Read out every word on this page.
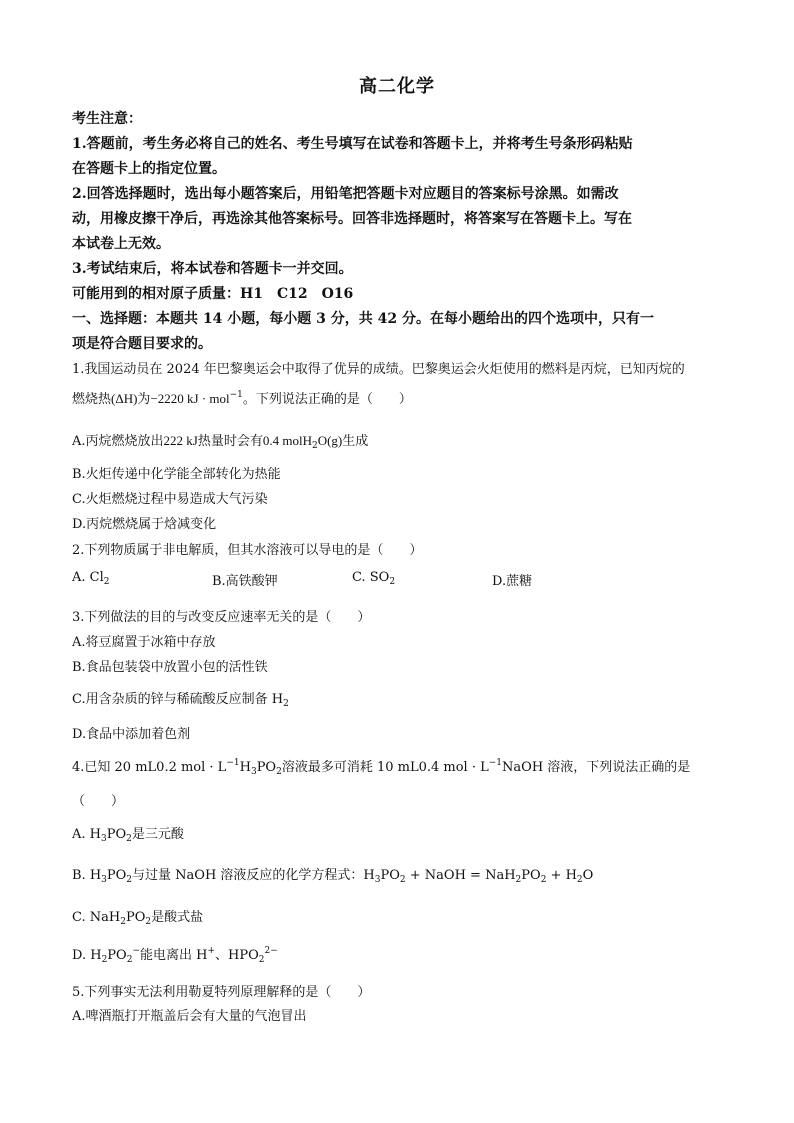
高二化学
考生注意：
1.答题前，考生务必将自己的姓名、考生号填写在试卷和答题卡上，并将考生号条形码粘贴
在答题卡上的指定位置。
2.回答选择题时，选出每小题答案后，用铅笔把答题卡对应题目的答案标号涂黑。如需改
动，用橡皮擦干净后，再选涂其他答案标号。回答非选择题时，将答案写在答题卡上。写在
本试卷上无效。
3.考试结束后，将本试卷和答题卡一并交回。
可能用到的相对原子质量：H1　C12　O16
一、选择题：本题共 14 小题，每小题 3 分，共 42 分。在每小题给出的四个选项中，只有一
项是符合题目要求的。
1.我国运动员在 2024 年巴黎奥运会中取得了优异的成绩。巴黎奥运会火炬使用的燃料是丙烷，已知丙烷的
燃烧热(ΔH)为−2220 kJ · mol$^{-1}$。下列说法正确的是（　　）
A.丙烷燃烧放出222 kJ热量时会有0.4 molH$_2$O(g)生成
B.火炬传递中化学能全部转化为热能
C.火炬燃烧过程中易造成大气污染
D.丙烷燃烧属于焓减变化
2.下列物质属于非电解质，但其水溶液可以导电的是（　　）
A. $Cl_2$	B.高铁酸钾	C. $SO_2$	D.蔗糖
3.下列做法的目的与改变反应速率无关的是（　　）
A.将豆腐置于冰箱中存放
B.食品包装袋中放置小包的活性铁
C.用含杂质的锌与稀硫酸反应制备 $H_2$
D.食品中添加着色剂
4.已知 20 mL0.2 mol · $L^{-1}H_3PO_2$溶液最多可消耗 10 mL0.4 mol · $L^{-1}NaOH$ 溶液，下列说法正确的是
（　　）
A. $H_3PO_2$是三元酸
B. $H_3PO_2$与过量 NaOH 溶液反应的化学方程式：$H_3PO_2$ + NaOH = $NaH_2PO_2 + H_2O$
C. $NaH_2PO_2$是酸式盐
D. $H_2PO_2^-$能电离出 H+、$HPO_2^{2-}$
5.下列事实无法利用勒夏特列原理解释的是（　　）
A.啤酒瓶打开瓶盖后会有大量的气泡冒出
